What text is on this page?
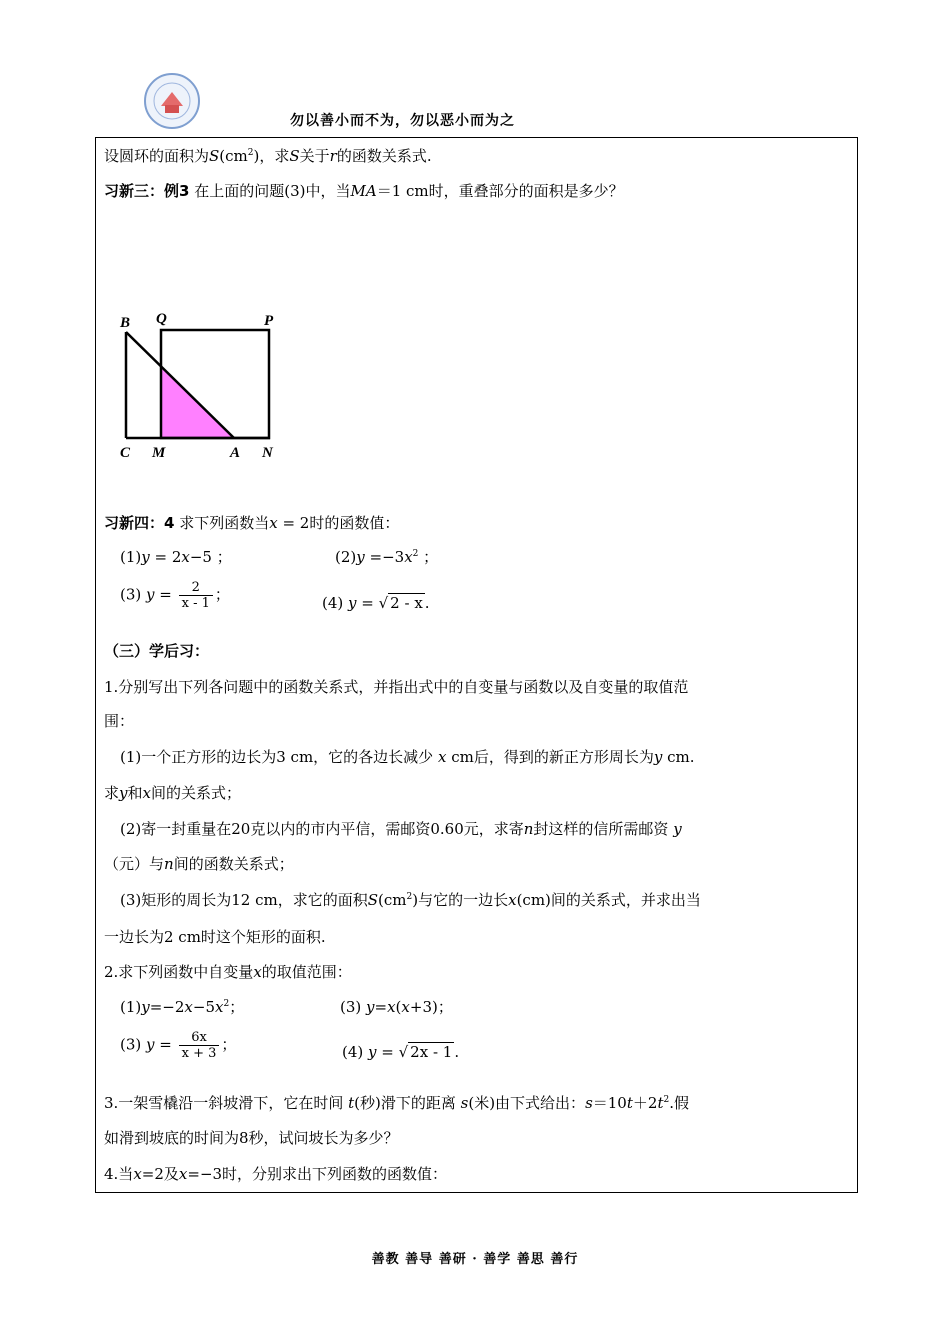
勿以善小而不为，勿以恶小而为之
设圆环的面积为$S(cm^2)$，求S关于r的函数关系式.
习新三：例3 在上面的问题(3)中，当MA＝1 cm时，重叠部分的面积是多少？
B Q	P
C M	A N
习新四：4 求下列函数当x = 2时的函数值：
(1)y = 2x−5 ；	$(2)y =-3x^2$ ；
(3) $y = \frac{2}{x - 1}$ ；	(4) y = √ 2 - x .
（三）学后习：
1.分别写出下列各问题中的函数关系式，并指出式中的自变量与函数以及自变量的取值范
围：
(1)一个正方形的边长为3 cm，它的各边长减少 x cm后，得到的新正方形周长为y cm.
求y和x间的关系式；
(2)寄一封重量在20克以内的市内平信，需邮资0.60元，求寄n封这样的信所需邮资 y
（元）与n间的函数关系式；
(3)矩形的周长为12 cm，求它的面积$S(cm^2)$与它的一边长x(cm)间的关系式，并求出当
一边长为2 cm时这个矩形的面积.
2.求下列函数中自变量x的取值范围：
$(1)y=-2x-5x^2$；	(3) y=x(x+3)；
(3) $y = \frac{6x}{x + 3}$ ；	(4) y = √ 2x - 1 .
3.一架雪橇沿一斜坡滑下，它在时间 t(秒)滑下的距离 s(米)由下式给出：$s=10t+2t^2$.假
如滑到坡底的时间为8秒，试问坡长为多少？
4.当x=2及x=−3时，分别求出下列函数的函数值：
善教 善导 善研 · 善学 善思 善行
